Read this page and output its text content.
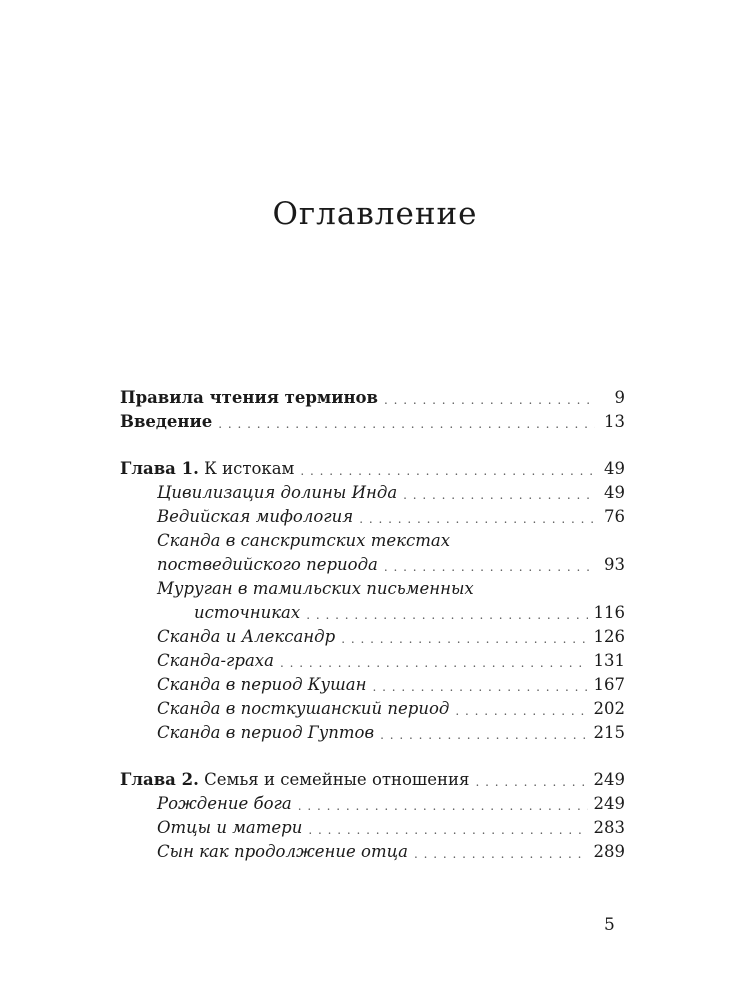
Оглавление
Правила чтения терминов . . .	9
Введение . . .	13
Глава 1. К истокам . . .	49
Цивилизация долины Инда . . .	49
Ведийская мифология . . .	76
Сканда в санскритских текстах
поствeдийского периода . . .	93
Муруган в тамильских письменных
источниках . . .	116
Сканда и Александр . . .	126
Сканда-граха . . .	131
Сканда в период Кушан . . .	167
Сканда в посткушанский период . . .	202
Сканда в период Гуптов . . .	215
Глава 2. Семья и семейные отношения . . .	249
Рождение бога . . .	249
Отцы и матери . . .	283
Сын как продолжение отца . . .	289
5
